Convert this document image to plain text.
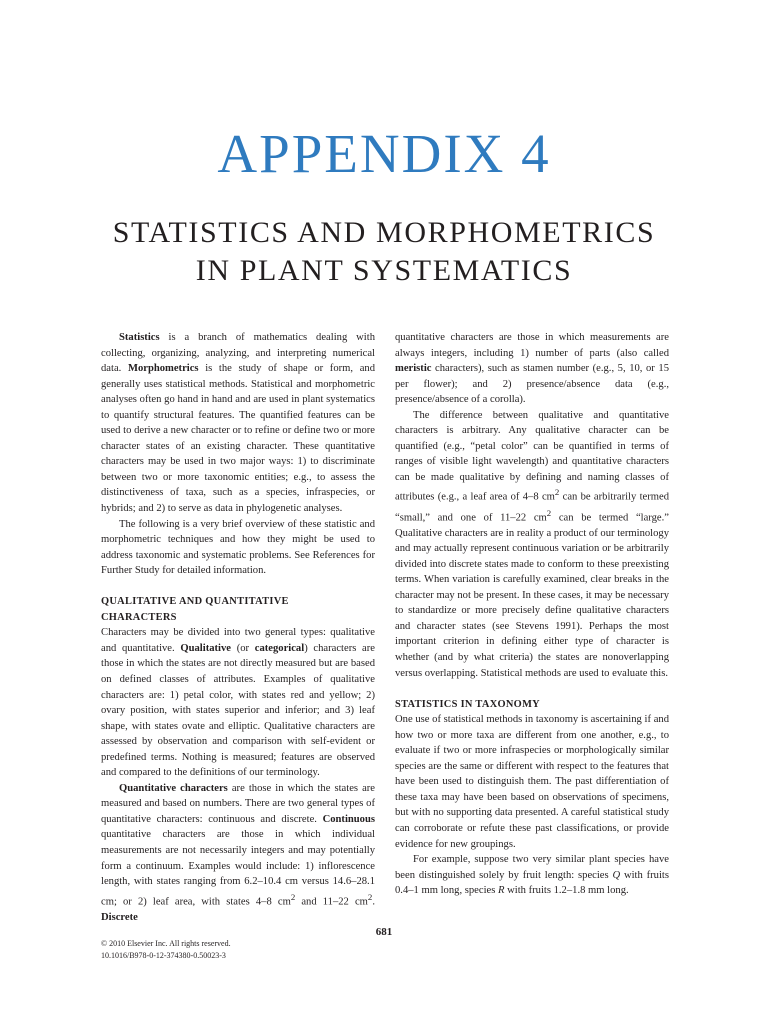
APPENDIX 4
STATISTICS AND MORPHOMETRICS
IN PLANT SYSTEMATICS

Statistics is a branch of mathematics dealing with collecting, organizing, analyzing, and interpreting numerical data. Morphometrics is the study of shape or form, and generally uses statistical methods. Statistical and morphometric analyses often go hand in hand and are used in plant systematics to quantify structural features. The quantified features can be used to derive a new character or to refine or define two or more character states of an existing character. These quantitative characters may be used in two major ways: 1) to discriminate between two or more taxonomic entities; e.g., to assess the distinctiveness of taxa, such as a species, infraspecies, or hybrids; and 2) to serve as data in phylogenetic analyses.

The following is a very brief overview of these statistic and morphometric techniques and how they might be used to address taxonomic and systematic problems. See References for Further Study for detailed information.

QUALITATIVE AND QUANTITATIVE
CHARACTERS

Characters may be divided into two general types: qualitative and quantitative. Qualitative (or categorical) characters are those in which the states are not directly measured but are based on defined classes of attributes. Examples of qualitative characters are: 1) petal color, with states red and yellow; 2) ovary position, with states superior and inferior; and 3) leaf shape, with states ovate and elliptic. Qualitative characters are assessed by observation and comparison with self-evident or predefined terms. Nothing is measured; features are observed and compared to the definitions of our terminology.

Quantitative characters are those in which the states are measured and based on numbers. There are two general types of quantitative characters: continuous and discrete. Continuous quantitative characters are those in which individual measurements are not necessarily integers and may potentially form a continuum. Examples would include: 1) inflorescence length, with states ranging from 6.2–10.4 cm versus 14.6–28.1 cm; or 2) leaf area, with states 4–8 $cm^2$ and 11–22 $cm^2$. Discrete

quantitative characters are those in which measurements are always integers, including 1) number of parts (also called meristic characters), such as stamen number (e.g., 5, 10, or 15 per flower); and 2) presence/absence data (e.g., presence/absence of a corolla).

The difference between qualitative and quantitative characters is arbitrary. Any qualitative character can be quantified (e.g., “petal color” can be quantified in terms of ranges of visible light wavelength) and quantitative characters can be made qualitative by defining and naming classes of attributes (e.g., a leaf area of 4–8 $cm^2$ can be arbitrarily termed “small,” and one of 11–22 $cm^2$ can be termed “large.” Qualitative characters are in reality a product of our terminology and may actually represent continuous variation or be arbitrarily divided into discrete states made to conform to these preexisting terms. When variation is carefully examined, clear breaks in the character may not be present. In these cases, it may be necessary to standardize or more precisely define qualitative characters and character states (see Stevens 1991). Perhaps the most important criterion in defining either type of character is whether (and by what criteria) the states are nonoverlapping versus overlapping. Statistical methods are used to evaluate this.

STATISTICS IN TAXONOMY

One use of statistical methods in taxonomy is ascertaining if and how two or more taxa are different from one another, e.g., to evaluate if two or more infraspecies or morphologically similar species are the same or different with respect to the features that have been used to distinguish them. The past differentiation of these taxa may have been based on observations of specimens, but with no supporting data presented. A careful statistical study can corroborate or refute these past classifications, or provide evidence for new groupings.

For example, suppose two very similar plant species have been distinguished solely by fruit length: species Q with fruits 0.4–1 mm long, species R with fruits 1.2–1.8 mm long.

681
© 2010 Elsevier Inc. All rights reserved.
10.1016/B978-0-12-374380-0.50023-3
